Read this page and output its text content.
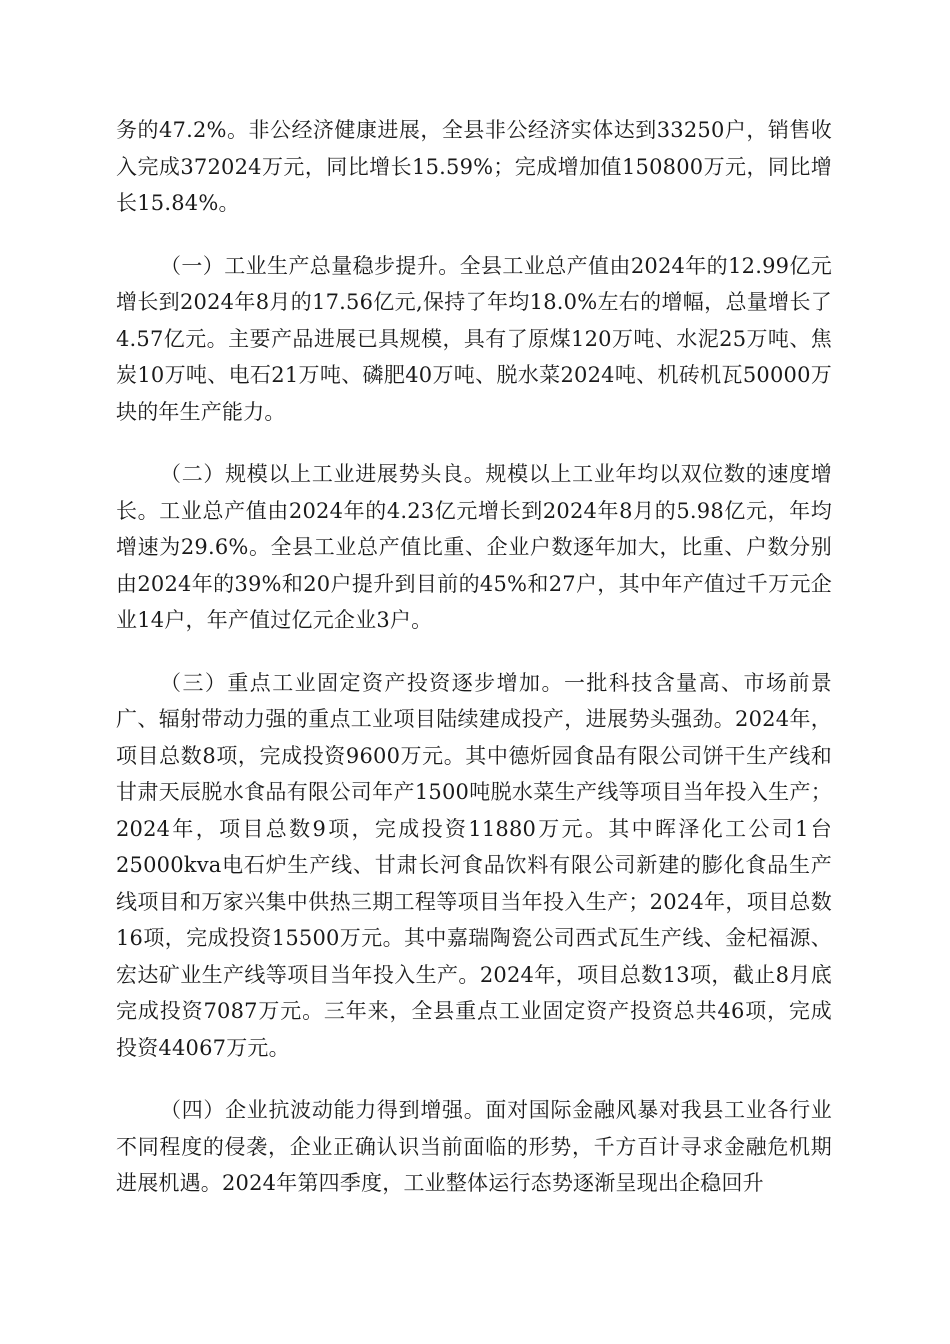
务的47.2%。非公经济健康进展，全县非公经济实体达到33250户，销售收入完成372024万元，同比增长15.59%；完成增加值150800万元，同比增长15.84%。

（一）工业生产总量稳步提升。全县工业总产值由2024年的12.99亿元增长到2024年8月的17.56亿元,保持了年均18.0%左右的增幅，总量增长了4.57亿元。主要产品进展已具规模，具有了原煤120万吨、水泥25万吨、焦炭10万吨、电石21万吨、磷肥40万吨、脱水菜2024吨、机砖机瓦50000万块的年生产能力。

（二）规模以上工业进展势头良。规模以上工业年均以双位数的速度增长。工业总产值由2024年的4.23亿元增长到2024年8月的5.98亿元，年均增速为29.6%。全县工业总产值比重、企业户数逐年加大，比重、户数分别由2024年的39%和20户提升到目前的45%和27户，其中年产值过千万元企业14户，年产值过亿元企业3户。

（三）重点工业固定资产投资逐步增加。一批科技含量高、市场前景广、辐射带动力强的重点工业项目陆续建成投产，进展势头强劲。2024年，项目总数8项，完成投资9600万元。其中德炘园食品有限公司饼干生产线和甘肃天辰脱水食品有限公司年产1500吨脱水菜生产线等项目当年投入生产；2024年，项目总数9项，完成投资11880万元。其中晖泽化工公司1台25000kva电石炉生产线、甘肃长河食品饮料有限公司新建的膨化食品生产线项目和万家兴集中供热三期工程等项目当年投入生产；2024年，项目总数16项，完成投资15500万元。其中嘉瑞陶瓷公司西式瓦生产线、金杞福源、宏达矿业生产线等项目当年投入生产。2024年，项目总数13项，截止8月底完成投资7087万元。三年来，全县重点工业固定资产投资总共46项，完成投资44067万元。

（四）企业抗波动能力得到增强。面对国际金融风暴对我县工业各行业不同程度的侵袭，企业正确认识当前面临的形势，千方百计寻求金融危机期进展机遇。2024年第四季度，工业整体运行态势逐渐呈现出企稳回升
